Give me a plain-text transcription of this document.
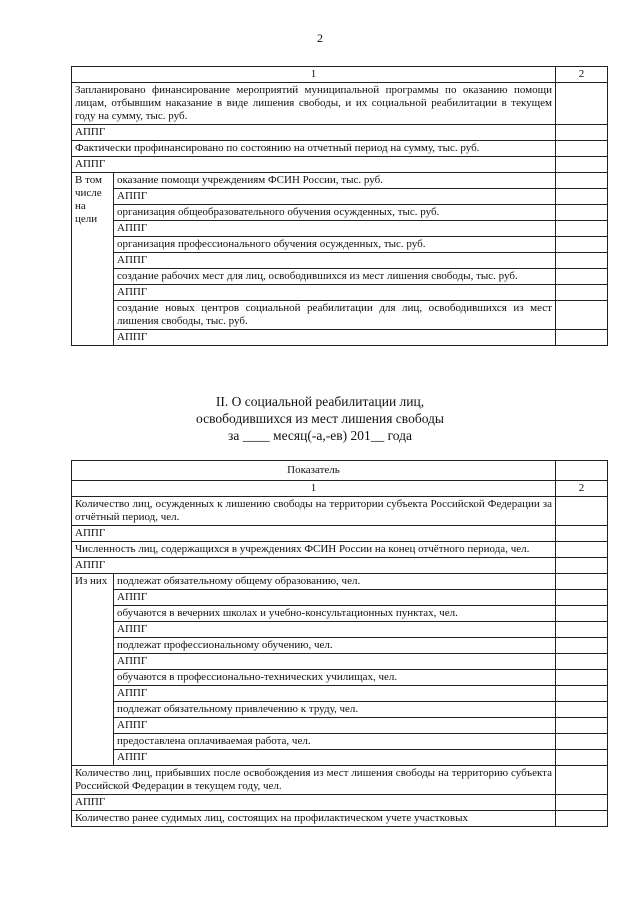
2
1		2
Запланировано финансирование мероприятий муниципальной программы по оказанию помощи лицам, отбывшим наказание в виде лишения свободы, и их социальной реабилитации в текущем году на сумму, тыс. руб.		
АППГ		
Фактически профинансировано по состоянию на отчетный период на сумму, тыс. руб.		
АППГ		
В том числе на цели	оказание помощи учреждениям ФСИН России, тыс. руб.	
	АППГ	
	организация общеобразовательного обучения осужденных, тыс. руб.	
	АППГ	
	организация профессионального обучения осужденных, тыс. руб.	
	АППГ	
	создание рабочих мест для лиц, освободившихся из мест лишения свободы, тыс. руб.	
	АППГ	
	создание новых центров социальной реабилитации для лиц, освободившихся из мест лишения свободы, тыс. руб.	
	АППГ	
II. О социальной реабилитации лиц,
освободившихся из мест лишения свободы
за ____ месяц(-а,-ев) 201__ года
Показатель		
1		2
Количество лиц, осужденных к лишению свободы на территории субъекта Российской Федерации за отчётный период, чел.		
АППГ		
Численность лиц, содержащихся в учреждениях ФСИН России на конец отчётного периода, чел.		
АППГ		
Из них	подлежат обязательному общему образованию, чел.	
	АППГ	
	обучаются в вечерних школах и учебно-консультационных пунктах, чел.	
	АППГ	
	подлежат профессиональному обучению, чел.	
	АППГ	
	обучаются в профессионально-технических училищах, чел.	
	АППГ	
	подлежат обязательному привлечению к труду, чел.	
	АППГ	
	предоставлена оплачиваемая работа, чел.	
	АППГ	
Количество лиц, прибывших после освобождения из мест лишения свободы на территорию субъекта Российской Федерации в текущем году, чел.		
АППГ		
Количество ранее судимых лиц, состоящих на профилактическом учете участковых		
